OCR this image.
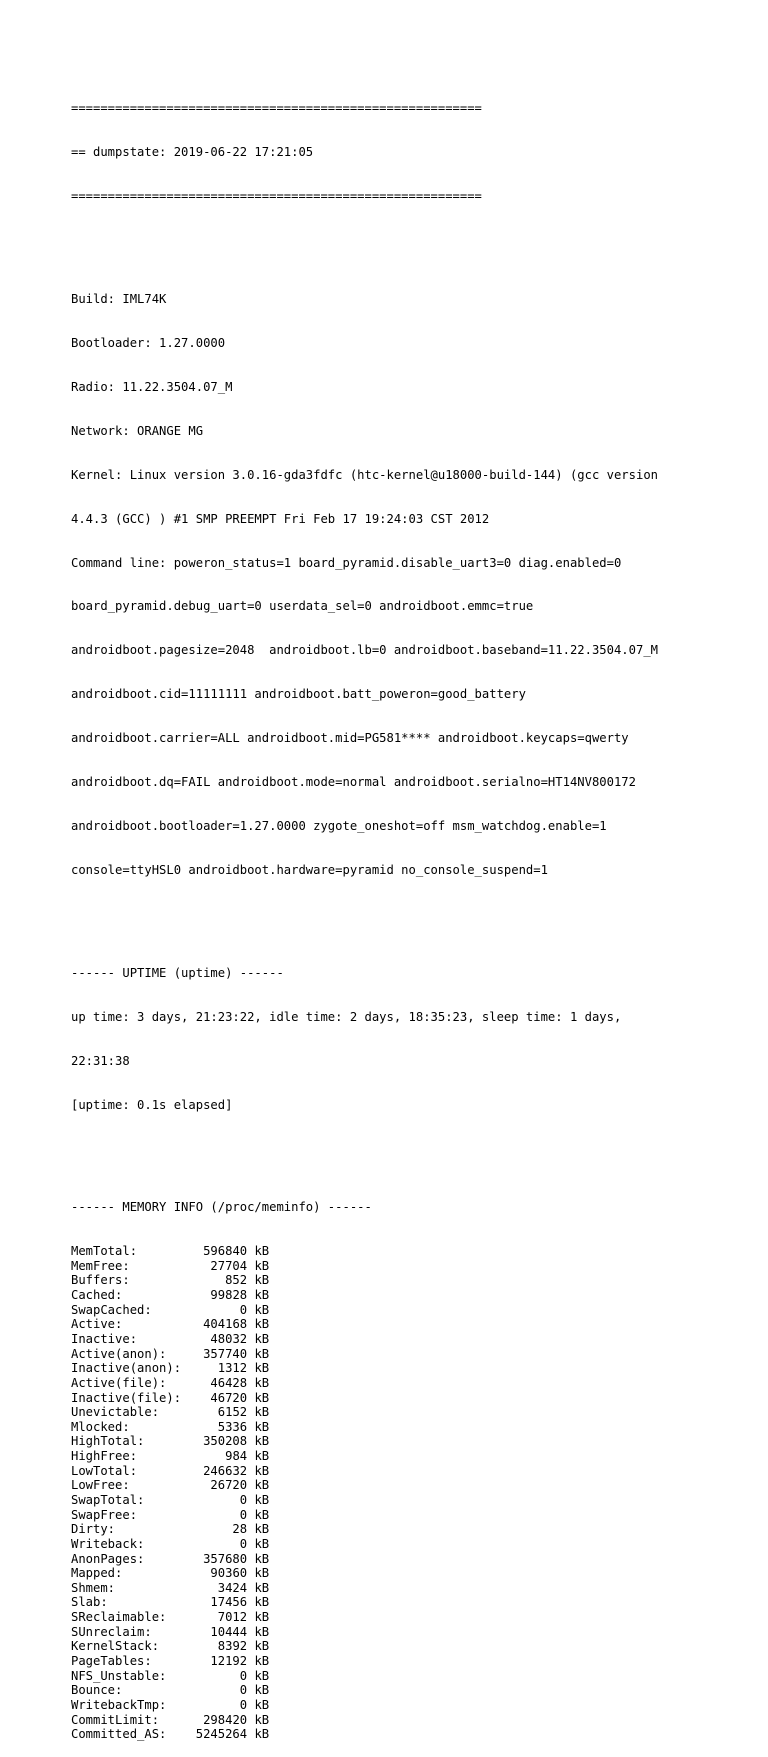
========================================================

== dumpstate: 2019-06-22 17:21:05

========================================================

Build: IML74K

Bootloader: 1.27.0000

Radio: 11.22.3504.07_M

Network: ORANGE MG

Kernel: Linux version 3.0.16-gda3fdfc (htc-kernel@u18000-build-144) (gcc version

4.4.3 (GCC) ) #1 SMP PREEMPT Fri Feb 17 19:24:03 CST 2012

Command line: poweron_status=1 board_pyramid.disable_uart3=0 diag.enabled=0

board_pyramid.debug_uart=0 userdata_sel=0 androidboot.emmc=true

androidboot.pagesize=2048  androidboot.lb=0 androidboot.baseband=11.22.3504.07_M

androidboot.cid=11111111 androidboot.batt_poweron=good_battery

androidboot.carrier=ALL androidboot.mid=PG581**** androidboot.keycaps=qwerty

androidboot.dq=FAIL androidboot.mode=normal androidboot.serialno=HT14NV800172

androidboot.bootloader=1.27.0000 zygote_oneshot=off msm_watchdog.enable=1

console=ttyHSL0 androidboot.hardware=pyramid no_console_suspend=1

------ UPTIME (uptime) ------

up time: 3 days, 21:23:22, idle time: 2 days, 18:35:23, sleep time: 1 days,

22:31:38

[uptime: 0.1s elapsed]

------ MEMORY INFO (/proc/meminfo) ------

MemTotal:	596840 kB
MemFree:	27704 kB
Buffers:	852 kB
Cached:	99828 kB
SwapCached:	0 kB
Active:	404168 kB
Inactive:	48032 kB
Active(anon):     357740 kB
Inactive(anon):     1312 kB
Active(file):      46428 kB
Inactive(file):    46720 kB
Unevictable:        6152 kB
Mlocked:	5336 kB
HighTotal:	350208 kB
HighFree:	984 kB
LowTotal:	246632 kB
LowFree:	26720 kB
SwapTotal:	0 kB
SwapFree:	0 kB
Dirty:	28 kB
Writeback:	0 kB
AnonPages:	357680 kB
Mapped:	90360 kB
Shmem:	3424 kB
Slab:	17456 kB
SReclaimable:       7012 kB
SUnreclaim:	10444 kB
KernelStack:        8392 kB
PageTables:	12192 kB
NFS_Unstable:          0 kB
Bounce:	0 kB
WritebackTmp:          0 kB
CommitLimit:      298420 kB
Committed_AS:    5245264 kB
